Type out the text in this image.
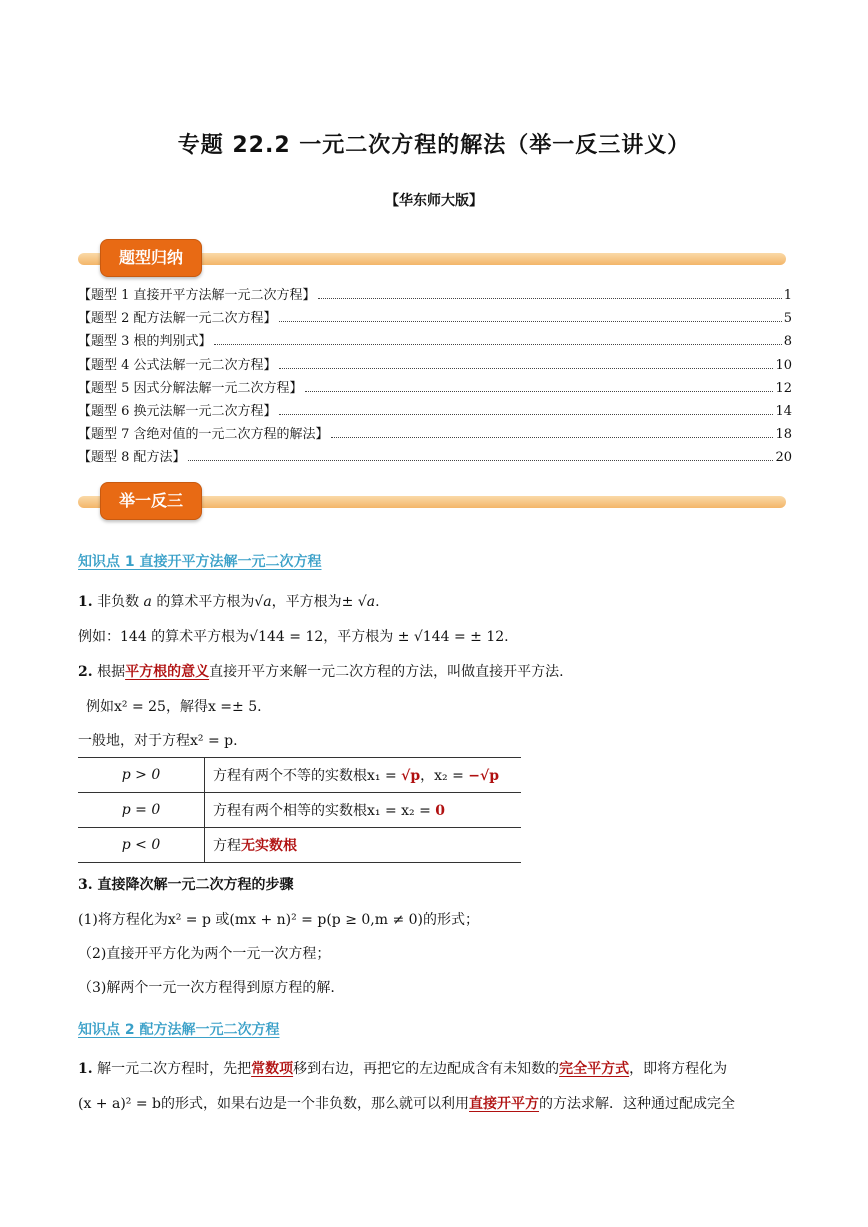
专题 22.2 一元二次方程的解法（举一反三讲义）
【华东师大版】
题型归纳
【题型 1 直接开平方法解一元二次方程】	1
【题型 2 配方法解一元二次方程】	5
【题型 3 根的判别式】	8
【题型 4 公式法解一元二次方程】	10
【题型 5 因式分解法解一元二次方程】	12
【题型 6 换元法解一元二次方程】	14
【题型 7 含绝对值的一元二次方程的解法】	18
【题型 8 配方法】	20
举一反三
知识点 1 直接开平方法解一元二次方程
1. 非负数 a 的算术平方根为√a，平方根为± √a.
例如：144 的算术平方根为√144 = 12，平方根为 ± √144 = ± 12.
2. 根据平方根的意义直接开平方来解一元二次方程的方法，叫做直接开平方法.
例如x² = 25，解得x =± 5.
一般地，对于方程x² = p.
p > 0	方程有两个不等的实数根x₁ = √p，x₂ = −√p
p = 0	方程有两个相等的实数根x₁ = x₂ = 0
p < 0	方程无实数根
3. 直接降次解一元二次方程的步骤
(1)将方程化为x² = p 或(mx + n)² = p(p ≥ 0,m ≠ 0)的形式；
（2)直接开平方化为两个一元一次方程；
（3)解两个一元一次方程得到原方程的解.
知识点 2 配方法解一元二次方程
1. 解一元二次方程时，先把常数项移到右边，再把它的左边配成含有未知数的完全平方式，即将方程化为
(x + a)² = b的形式，如果右边是一个非负数，那么就可以利用直接开平方的方法求解．这种通过配成完全
